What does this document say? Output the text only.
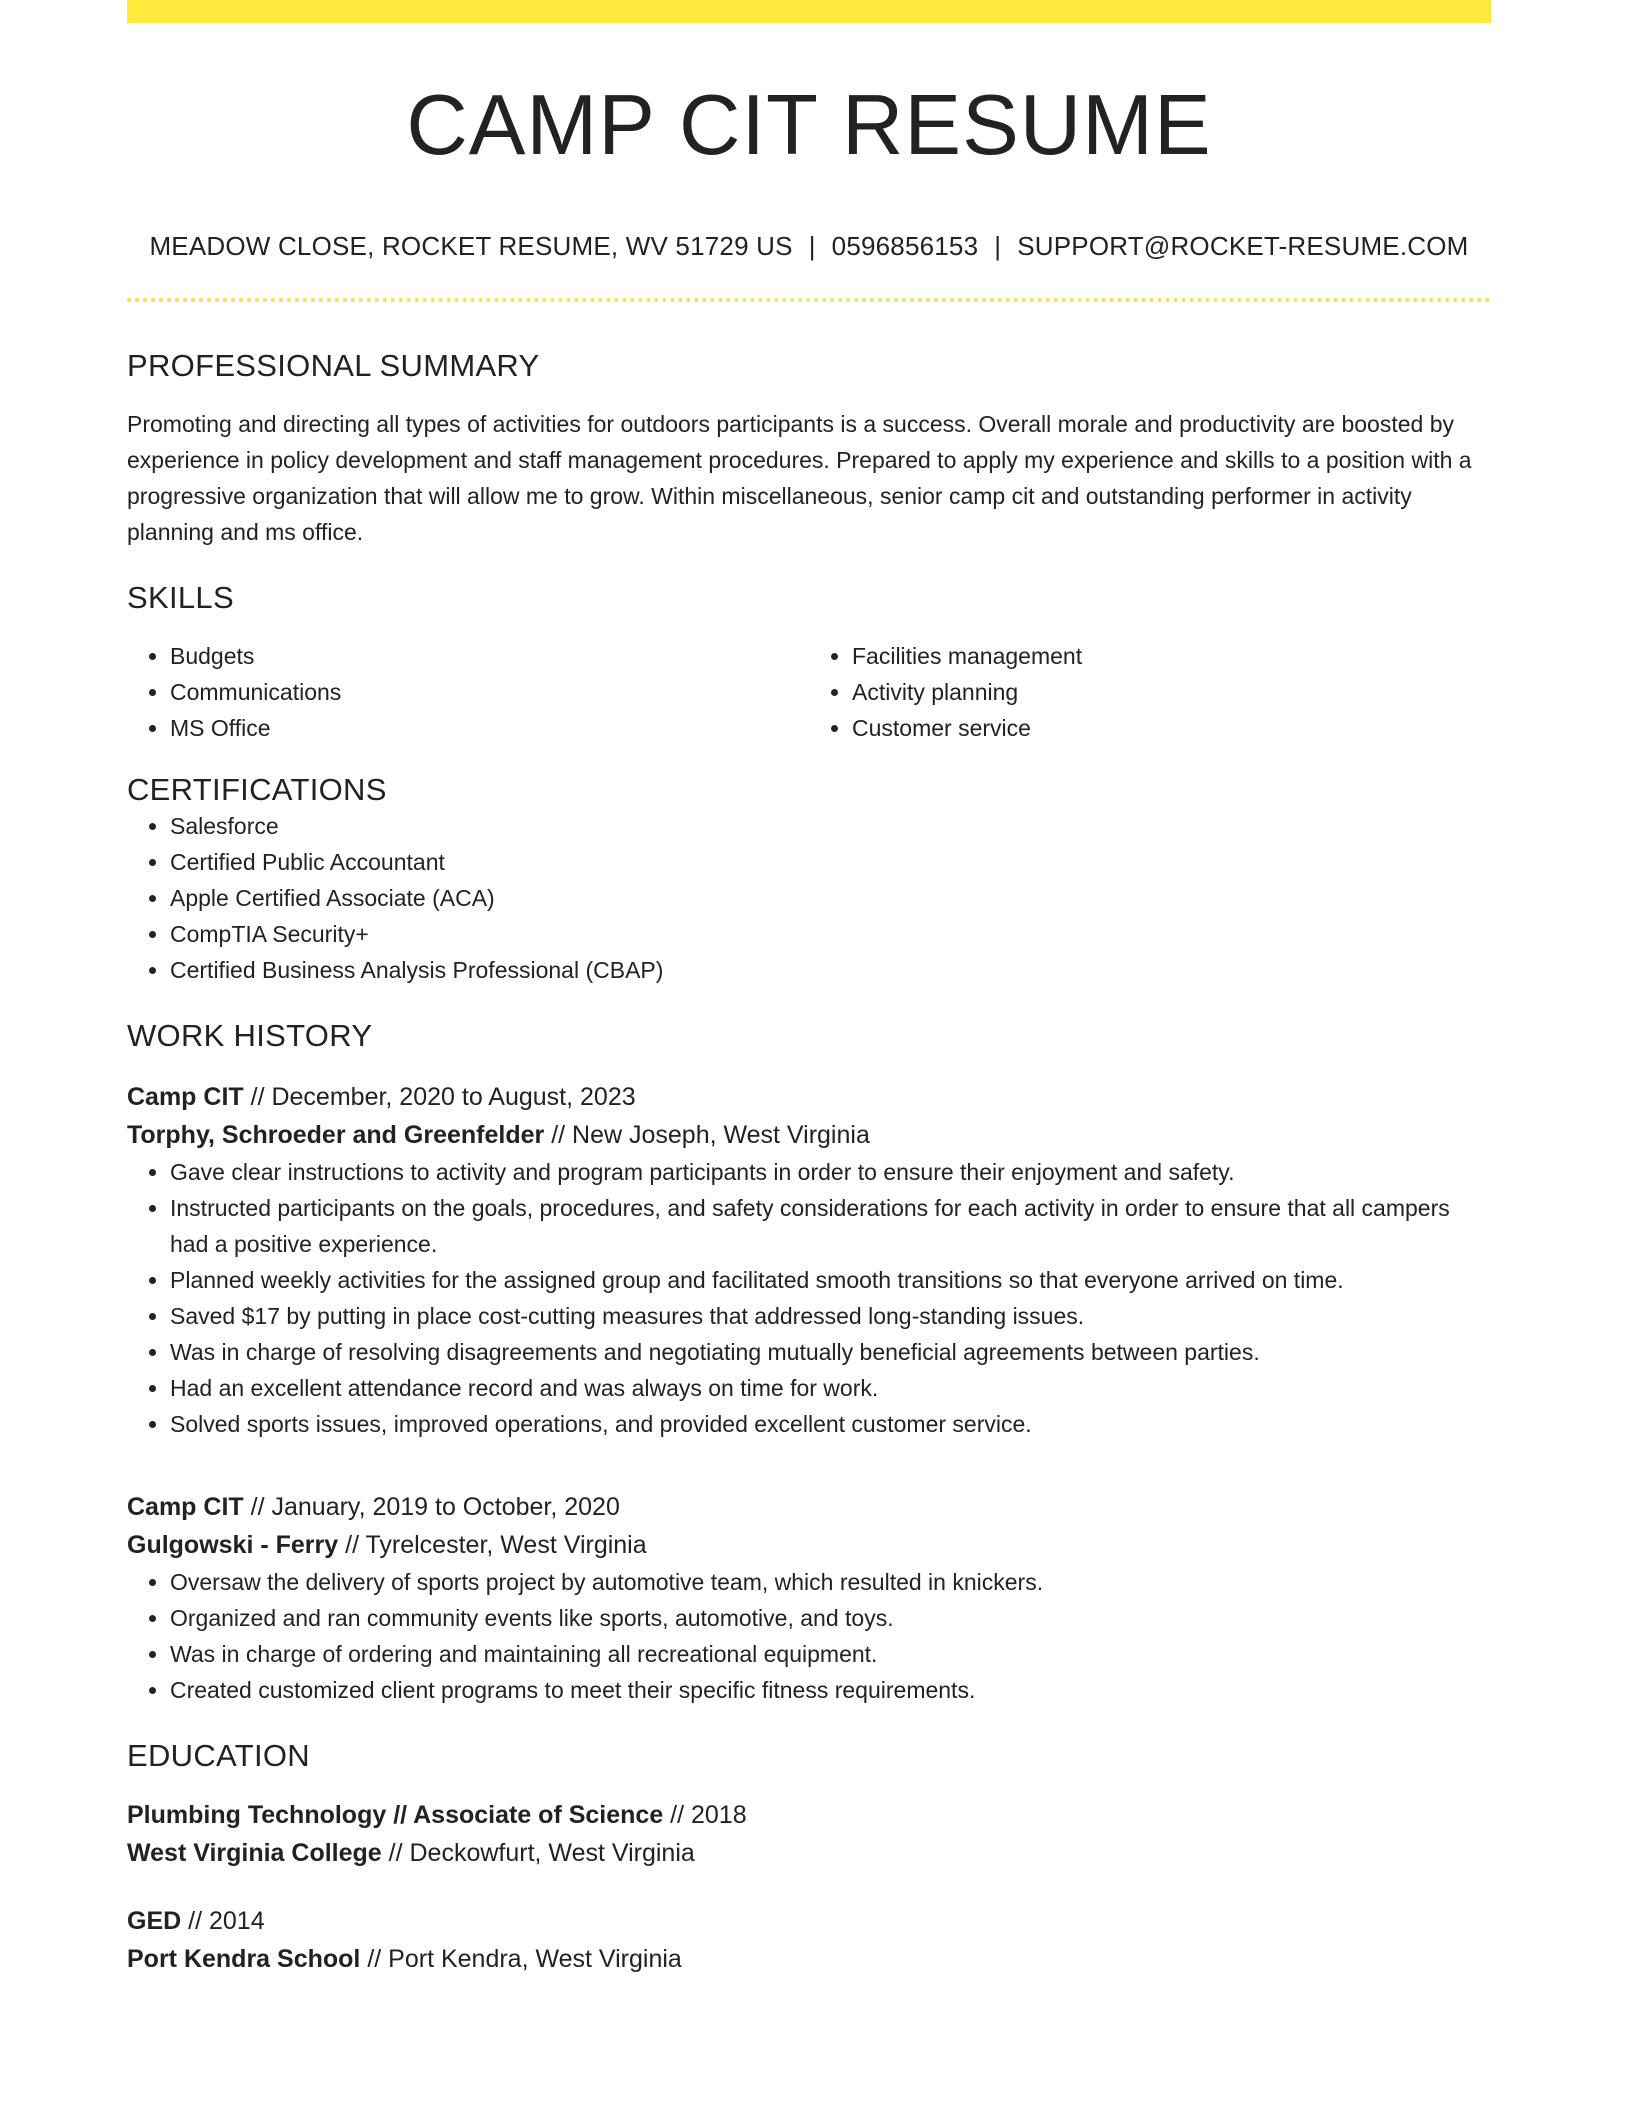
CAMP CIT RESUME
MEADOW CLOSE, ROCKET RESUME, WV 51729 US | 0596856153 | SUPPORT@ROCKET-RESUME.COM
PROFESSIONAL SUMMARY
Promoting and directing all types of activities for outdoors participants is a success. Overall morale and productivity are boosted by experience in policy development and staff management procedures. Prepared to apply my experience and skills to a position with a progressive organization that will allow me to grow. Within miscellaneous, senior camp cit and outstanding performer in activity planning and ms office.
SKILLS
• Budgets
• Communications
• MS Office
• Facilities management
• Activity planning
• Customer service
CERTIFICATIONS
• Salesforce
• Certified Public Accountant
• Apple Certified Associate (ACA)
• CompTIA Security+
• Certified Business Analysis Professional (CBAP)
WORK HISTORY
Camp CIT // December, 2020 to August, 2023
Torphy, Schroeder and Greenfelder // New Joseph, West Virginia
• Gave clear instructions to activity and program participants in order to ensure their enjoyment and safety.
• Instructed participants on the goals, procedures, and safety considerations for each activity in order to ensure that all campers had a positive experience.
• Planned weekly activities for the assigned group and facilitated smooth transitions so that everyone arrived on time.
• Saved $17 by putting in place cost-cutting measures that addressed long-standing issues.
• Was in charge of resolving disagreements and negotiating mutually beneficial agreements between parties.
• Had an excellent attendance record and was always on time for work.
• Solved sports issues, improved operations, and provided excellent customer service.
Camp CIT // January, 2019 to October, 2020
Gulgowski - Ferry // Tyrelcester, West Virginia
• Oversaw the delivery of sports project by automotive team, which resulted in knickers.
• Organized and ran community events like sports, automotive, and toys.
• Was in charge of ordering and maintaining all recreational equipment.
• Created customized client programs to meet their specific fitness requirements.
EDUCATION
Plumbing Technology // Associate of Science // 2018
West Virginia College // Deckowfurt, West Virginia
GED // 2014
Port Kendra School // Port Kendra, West Virginia
